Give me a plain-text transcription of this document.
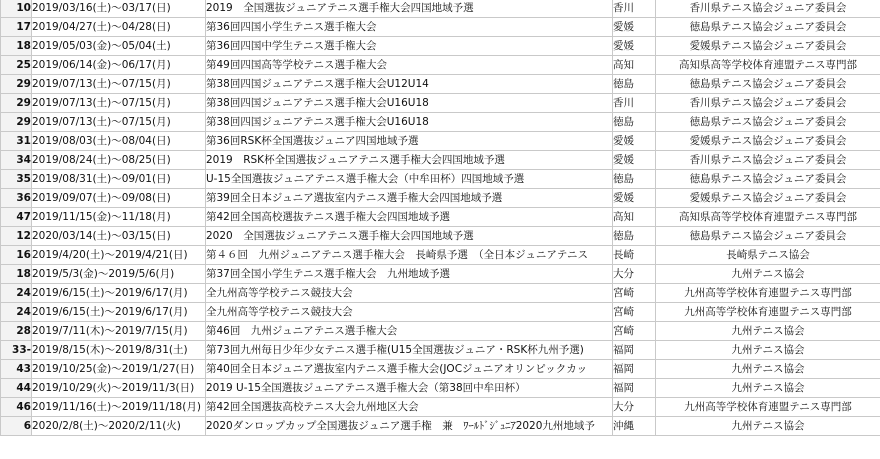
10	2019/03/16(土)～03/17(日)	2019　全国選抜ジュニアテニス選手権大会四国地域予選	香川	香川県テニス協会ジュニア委員会
17	2019/04/27(土)～04/28(日)	第36回四国小学生テニス選手権大会	愛媛	徳島県テニス協会ジュニア委員会
18	2019/05/03(金)～05/04(土)	第36回四国中学生テニス選手権大会	愛媛	愛媛県テニス協会ジュニア委員会
25	2019/06/14(金)～06/17(月)	第49回四国高等学校テニス選手権大会	高知	高知県高等学校体育連盟テニス専門部
29	2019/07/13(土)～07/15(月)	第38回四国ジュニアテニス選手権大会U12U14	徳島	徳島県テニス協会ジュニア委員会
29	2019/07/13(土)～07/15(月)	第38回四国ジュニアテニス選手権大会U16U18	香川	香川県テニス協会ジュニア委員会
29	2019/07/13(土)～07/15(月)	第38回四国ジュニアテニス選手権大会U16U18	徳島	徳島県テニス協会ジュニア委員会
31	2019/08/03(土)～08/04(日)	第36回RSK杯全国選抜ジュニア四国地域予選	愛媛	愛媛県テニス協会ジュニア委員会
34	2019/08/24(土)～08/25(日)	2019　RSK杯全国選抜ジュニアテニス選手権大会四国地域予選	愛媛	香川県テニス協会ジュニア委員会
35	2019/08/31(土)～09/01(日)	U-15全国選抜ジュニアテニス選手権大会（中牟田杯）四国地域予選	徳島	徳島県テニス協会ジュニア委員会
36	2019/09/07(土)～09/08(日)	第39回全日本ジュニア選抜室内テニス選手権大会四国地域予選	愛媛	愛媛県テニス協会ジュニア委員会
47	2019/11/15(金)～11/18(月)	第42回全国高校選抜テニス選手権大会四国地域予選	高知	高知県高等学校体育連盟テニス専門部
12	2020/03/14(土)～03/15(日)	2020　全国選抜ジュニアテニス選手権大会四国地域予選	徳島	徳島県テニス協会ジュニア委員会
16	2019/4/20(土)～2019/4/21(日)	第４６回　九州ジュニアテニス選手権大会　長崎県予選　（全日本ジュニアテニス	長崎	長崎県テニス協会
18	2019/5/3(金)～2019/5/6(月)	第37回全国小学生テニス選手権大会　九州地域予選	大分	九州テニス協会
24	2019/6/15(土)～2019/6/17(月)	全九州高等学校テニス競技大会	宮崎	九州高等学校体育連盟テニス専門部
24	2019/6/15(土)～2019/6/17(月)	全九州高等学校テニス競技大会	宮崎	九州高等学校体育連盟テニス専門部
28	2019/7/11(木)～2019/7/15(月)	第46回　九州ジュニアテニス選手権大会	宮崎	九州テニス協会
33-	2019/8/15(木)～2019/8/31(土)	第73回九州毎日少年少女テニス選手権(U15全国選抜ジュニア・RSK杯九州予選)	福岡	九州テニス協会
43	2019/10/25(金)～2019/1/27(日)	第40回全日本ジュニア選抜室内テニス選手権大会(JOCジュニアオリンピックカッ	福岡	九州テニス協会
44	2019/10/29(火)～2019/11/3(日)	2019 U-15全国選抜ジュニアテニス選手権大会（第38回中牟田杯）	福岡	九州テニス協会
46	2019/11/16(土)～2019/11/18(月)	第42回全国選抜高校テニス大会九州地区大会	大分	九州高等学校体育連盟テニス専門部
6	2020/2/8(土)～2020/2/11(火)	2020ダンロップカップ全国選抜ジュニア選手権　兼　ﾜｰﾙﾄﾞｼﾞｭﾆｱ2020九州地域予	沖縄	九州テニス協会
